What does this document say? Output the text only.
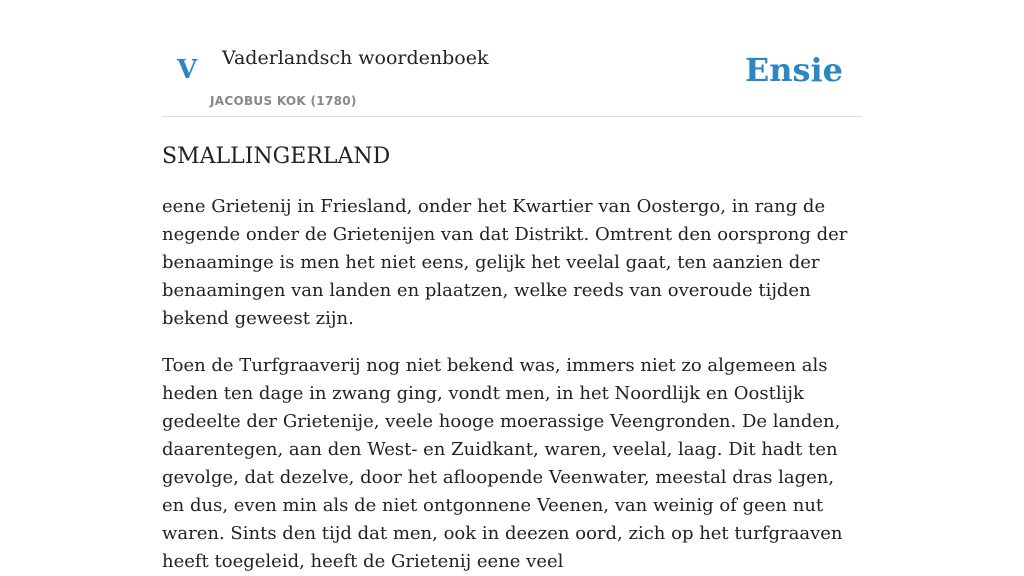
V Vaderlandsch woordenboek
JACOBUS KOK (1780)
Ensie
SMALLINGERLAND

eene Grietenij in Friesland, onder het Kwartier van Oostergo, in rang de negende onder de Grietenijen van dat Distrikt. Omtrent den oorsprong der benaaminge is men het niet eens, gelijk het veelal gaat, ten aanzien der benaamingen van landen en plaatzen, welke reeds van overoude tijden bekend geweest zijn.

Toen de Turfgraaverij nog niet bekend was, immers niet zo algemeen als heden ten dage in zwang ging, vondt men, in het Noordlijk en Oostlijk gedeelte der Grietenije, veele hooge moerassige Veengronden. De landen, daarentegen, aan den West- en Zuidkant, waren, veelal, laag. Dit hadt ten gevolge, dat dezelve, door het afloopende Veenwater, meestal dras lagen, en dus, even min als de niet ontgonnene Veenen, van weinig of geen nut waren. Sints den tijd dat men, ook in deezen oord, zich op het turfgraaven heeft toegeleid, heeft de Grietenij eene veel
